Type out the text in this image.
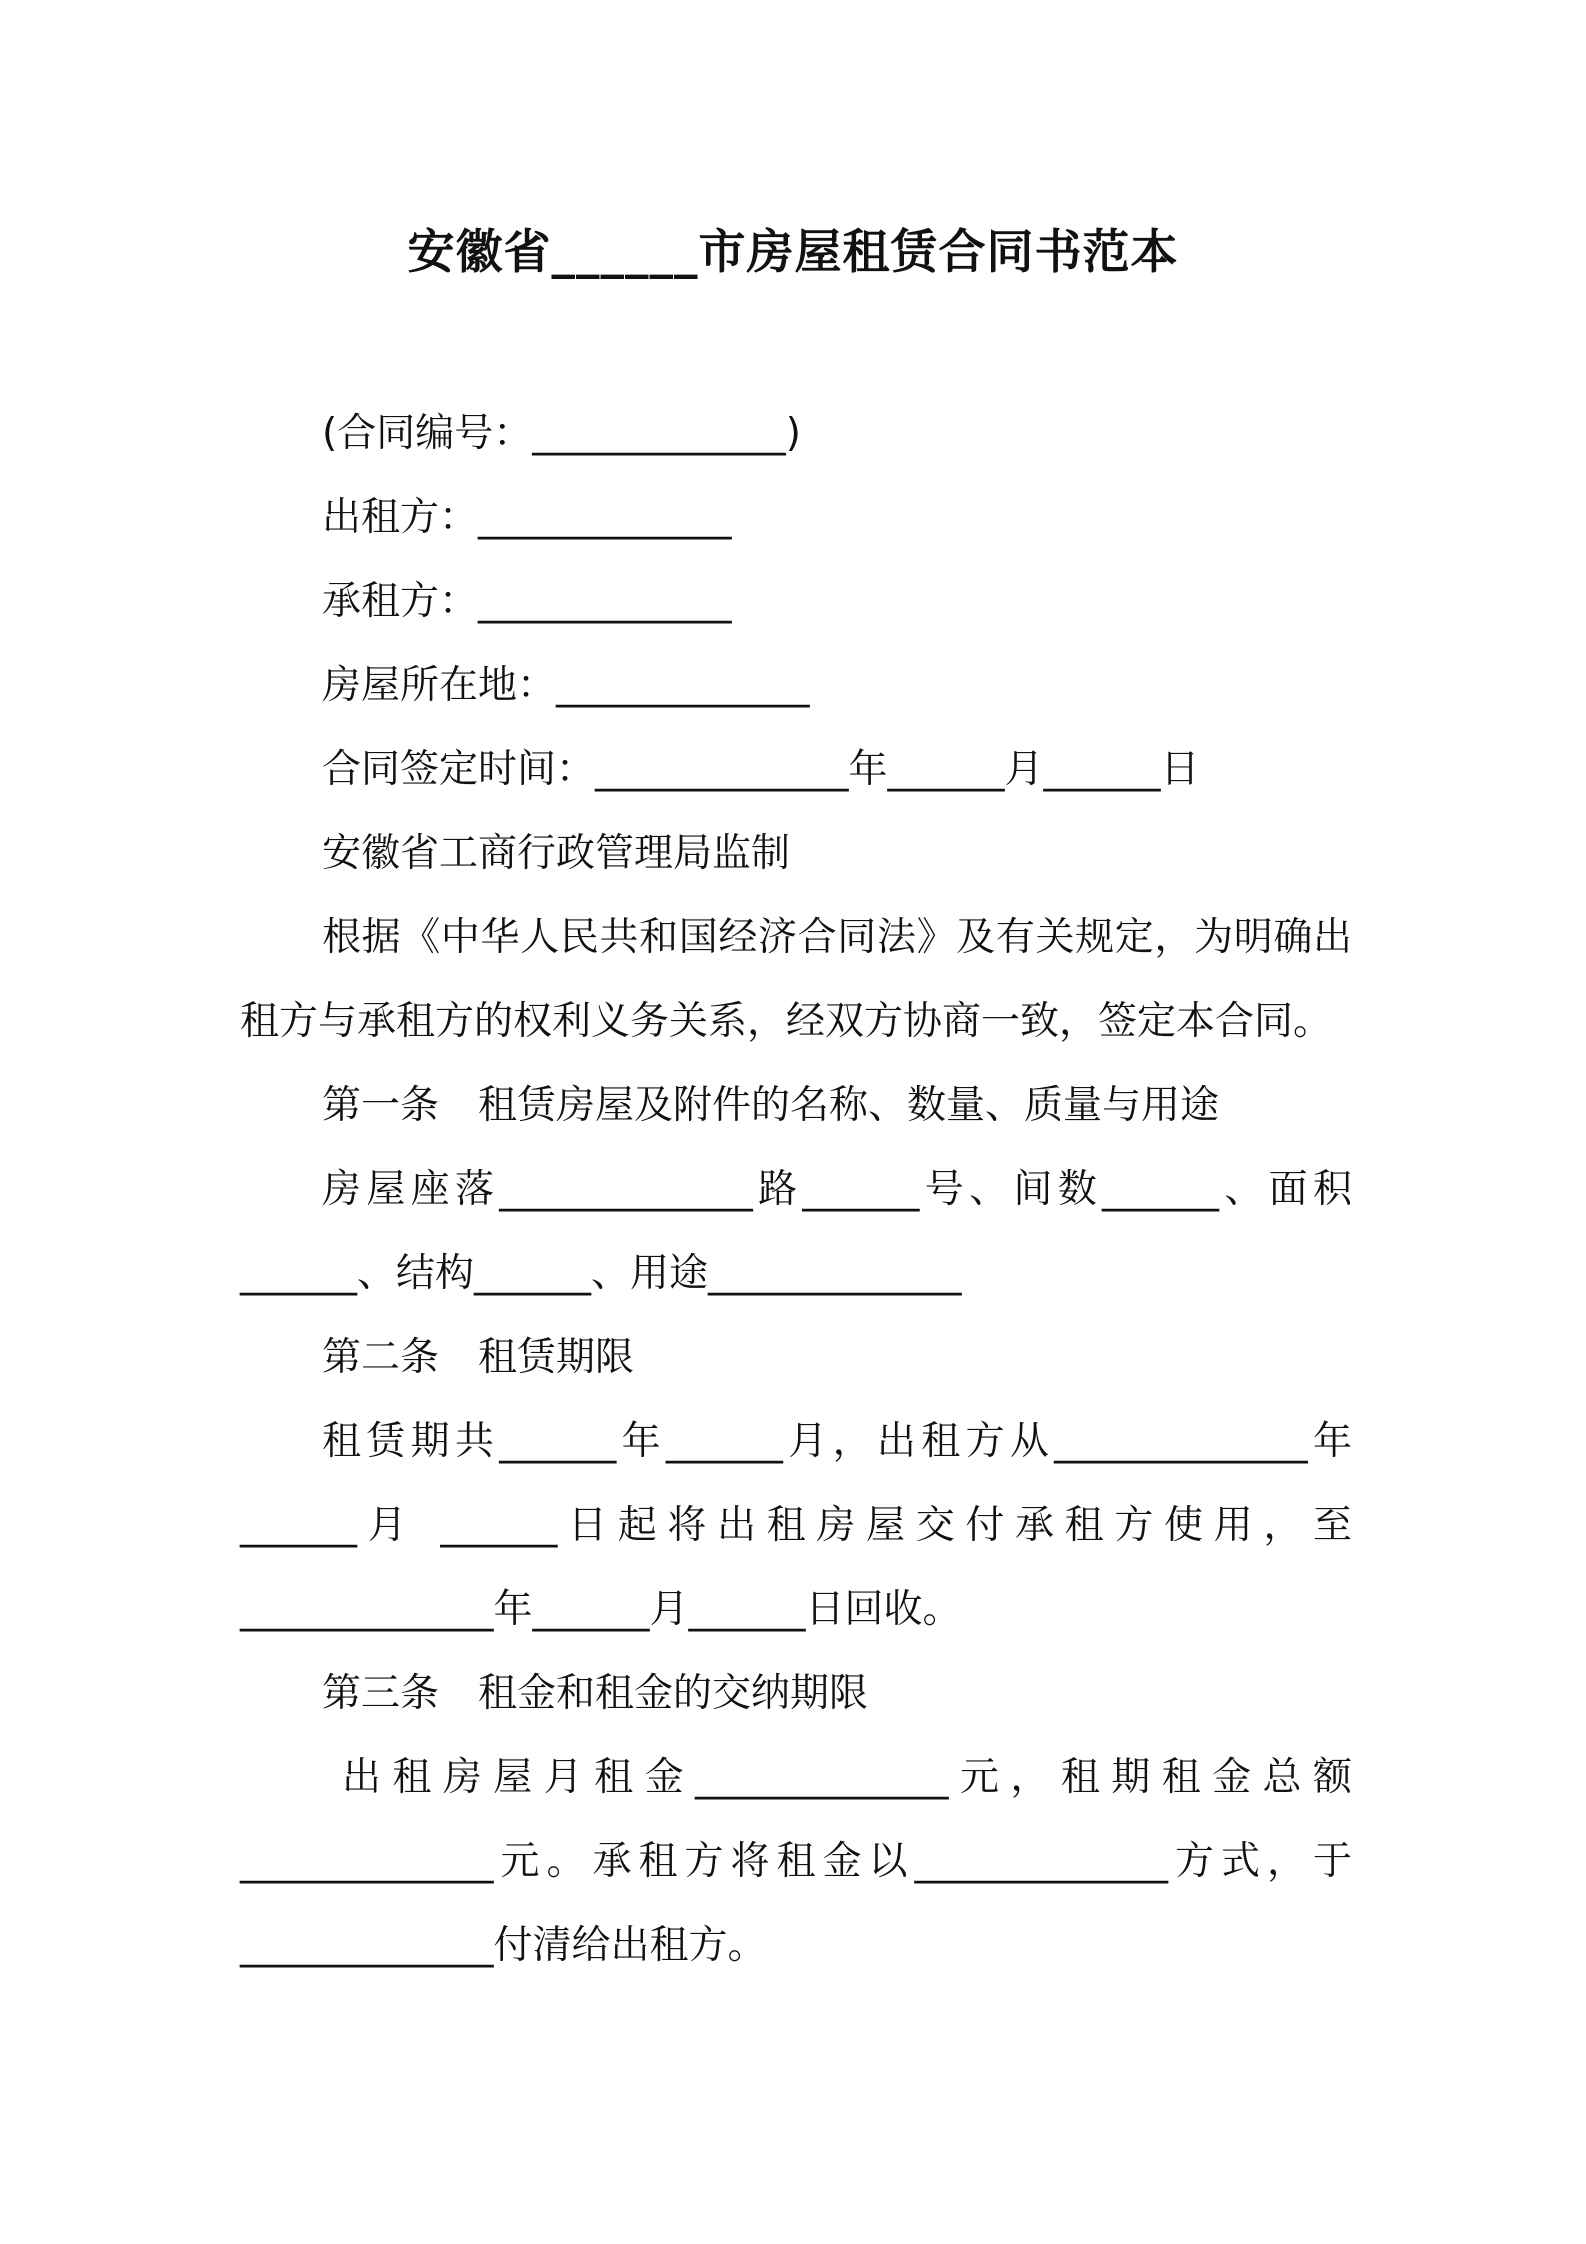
安徽省______市房屋租赁合同书范本
(合同编号：_____________)
出租方：_____________
承租方：_____________
房屋所在地：_____________
合同签定时间：_____________年______月______日
安徽省工商行政管理局监制
根据《中华人民共和国经济合同法》及有关规定，为明确出
租方与承租方的权利义务关系，经双方协商一致，签定本合同。
第一条　租赁房屋及附件的名称、数量、质量与用途
房屋座落_____________路______号、间数______、面积
______、结构______、用途_____________
第二条　租赁期限
租赁期共______年______月，出租方从_____________年
______月 ______日起将出租房屋交付承租方使用，至
_____________年______月______日回收。
第三条　租金和租金的交纳期限
出租房屋月租金_____________元，租期租金总额
_____________元。承租方将租金以_____________方式，于
_____________付清给出租方。
